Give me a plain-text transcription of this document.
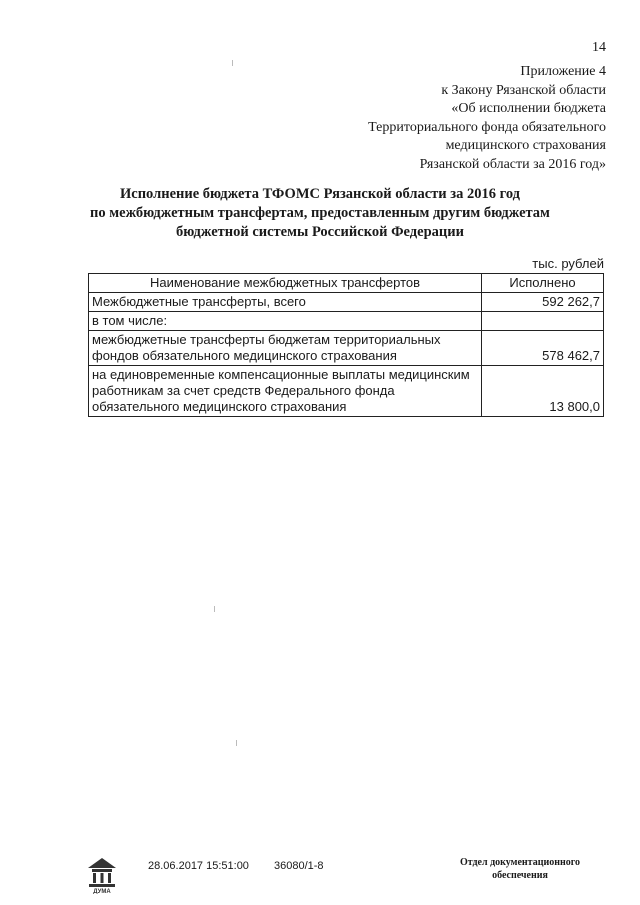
14
Приложение 4
к Закону Рязанской области
«Об исполнении бюджета
Территориального фонда обязательного
медицинского страхования
Рязанской области за 2016 год»
Исполнение бюджета ТФОМС Рязанской области за 2016 год
по межбюджетным трансфертам, предоставленным другим бюджетам
бюджетной системы Российской Федерации
тыс. рублей
Наименование межбюджетных трансфертов	Исполнено
Межбюджетные трансферты, всего	592 262,7
в том числе:	
межбюджетные трансферты бюджетам территориальных фондов обязательного медицинского страхования	578 462,7
на единовременные компенсационные выплаты медицинским работникам за счет средств Федерального фонда обязательного медицинского страхования	13 800,0
ДУМА
28.06.2017 15:51:00 36080/1-8	Отдел документационного
обеспечения
